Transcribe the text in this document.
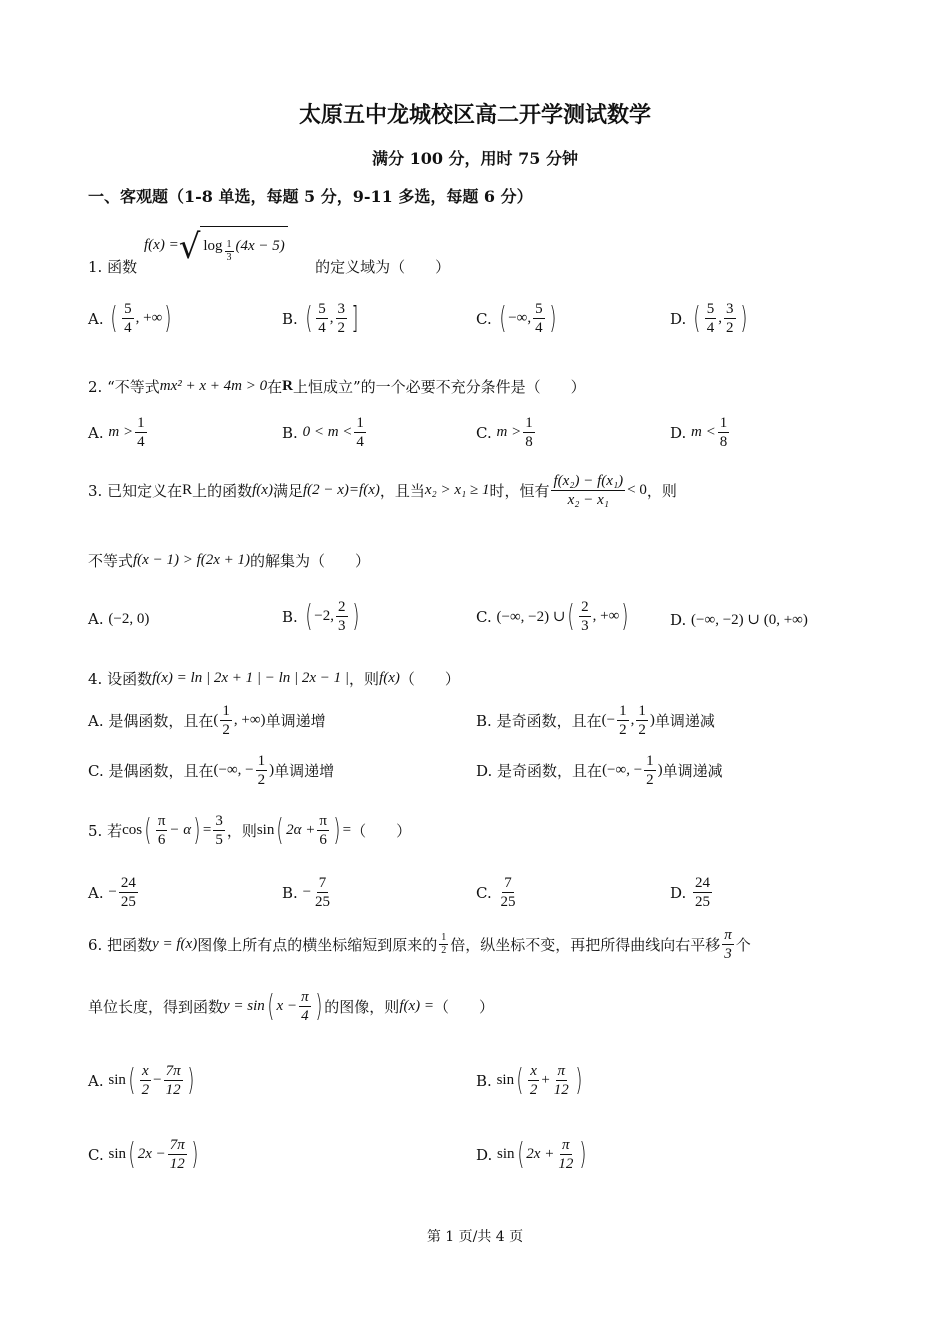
太原五中龙城校区高二开学测试数学
满分 100 分，用时 75 分钟
一、客观题（1-8 单选，每题 5 分，9-11 多选，每题 6 分）
f(x) = √ $\log \frac{1}{3} (4x - 5)$
1. 函数	的定义域为（　　）
A.
( $\frac{5}{4}$ , +∞ )	B.
( $\frac{5}{4}$ , $\frac{3}{2}$ ]	C.
( −∞, $\frac{5}{4}$ )	D.
( $\frac{5}{4}$ , $\frac{3}{2}$ )
2. “不等式 mx² + x + 4m > 0 在 R 上恒成立”的一个必要不充分条件是（　　）
A.
$m > \frac{1}{4}$	B.
$0 < m < \frac{1}{4}$	C.
$m > \frac{1}{8}$	D.
$m < \frac{1}{8}$
3. 已知定义在 R 上的函数 f(x) 满足 f(2 − x)=f(x) ，且当 x₂ > x₁ ≥ 1 时，恒有 $\frac{\text{f(x₂) − f(x₁)}}{\text{x₂ − x₁}} < 0$ ，则
不等式 f(x − 1) > f(2x + 1) 的解集为（　　）
A.
(−2, 0)	B.
( −2, $\frac{2}{3}$ )	C.
(−∞, −2) ∪ ( $\frac{2}{3}$ , +∞ )	D.
(−∞, −2) ∪ (0, +∞)
4. 设函数 f(x) = ln | 2x + 1 | − ln | 2x − 1 | ，则 f(x) （　　）
A.
是偶函数，且在 ( $\frac{1}{2}$ , +∞) 单调递增	B.
是奇函数，且在 (− $\frac{1}{2}$ , $\frac{1}{2}$ ) 单调递减
C.
是偶函数，且在 (−∞, − $\frac{1}{2}$ ) 单调递增	D.
是奇函数，且在 (−∞, − $\frac{1}{2}$ ) 单调递减
5. 若 cos ( $\frac{\pi}{6} - \alpha$ ) = $\frac{3}{5}$ ，则 sin ( $2\alpha + \frac{\pi}{6}$ ) = （　　）
A.
− $\frac{24}{25}$	B.
− $\frac{7}{25}$	C.
$\frac{7}{25}$	D.
$\frac{24}{25}$
6. 把函数 y = f(x) 图像上所有点的横坐标缩短到原来的 $\frac{1}{2}$ 倍，纵坐标不变，再把所得曲线向右平移 $\frac{\pi}{3}$ 个
单位长度，得到函数 y = sin ( $x - \frac{\pi}{4}$ ) 的图像，则 f(x) = （　　）
A.
sin ( $\frac{x}{2} - \frac{7\pi}{12}$ )	B.
sin ( $\frac{x}{2} + \frac{\pi}{12}$ )
C.
sin ( $2x - \frac{7\pi}{12}$ )	D.
sin ( $2x + \frac{\pi}{12}$ )
第 1 页/共 4 页
